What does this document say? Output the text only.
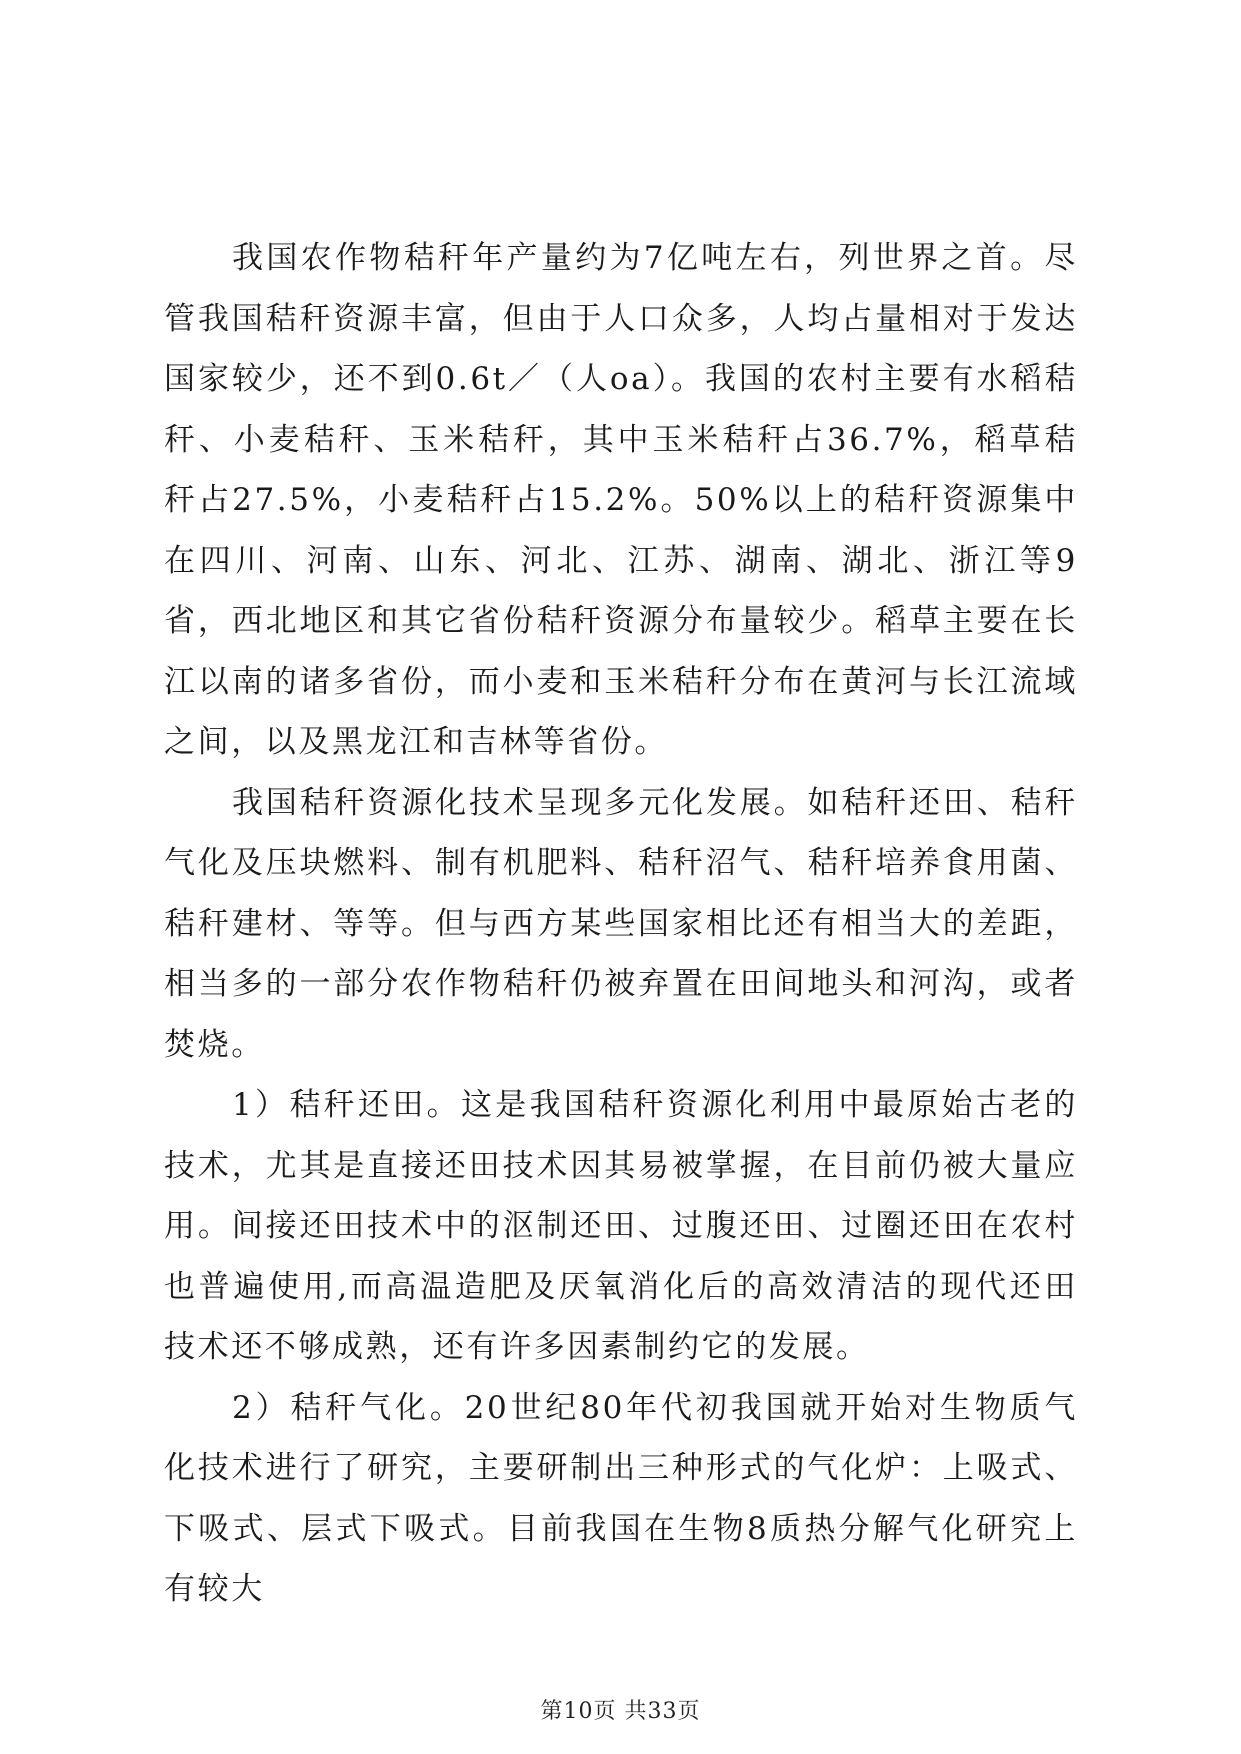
我国农作物秸秆年产量约为7亿吨左右，列世界之首。尽管我国秸秆资源丰富，但由于人口众多，人均占量相对于发达国家较少，还不到0.6t／（人oa）。我国的农村主要有水稻秸秆、小麦秸秆、玉米秸秆，其中玉米秸秆占36.7%，稻草秸秆占27.5%，小麦秸秆占15.2%。50%以上的秸秆资源集中在四川、河南、山东、河北、江苏、湖南、湖北、浙江等9省，西北地区和其它省份秸秆资源分布量较少。稻草主要在长江以南的诸多省份，而小麦和玉米秸秆分布在黄河与长江流域之间，以及黑龙江和吉林等省份。

我国秸秆资源化技术呈现多元化发展。如秸秆还田、秸秆气化及压块燃料、制有机肥料、秸秆沼气、秸秆培养食用菌、秸秆建材、等等。但与西方某些国家相比还有相当大的差距，相当多的一部分农作物秸秆仍被弃置在田间地头和河沟，或者焚烧。

1）秸秆还田。这是我国秸秆资源化利用中最原始古老的技术，尤其是直接还田技术因其易被掌握，在目前仍被大量应用。间接还田技术中的沤制还田、过腹还田、过圈还田在农村也普遍使用,而高温造肥及厌氧消化后的高效清洁的现代还田技术还不够成熟，还有许多因素制约它的发展。

2）秸秆气化。20世纪80年代初我国就开始对生物质气化技术进行了研究，主要研制出三种形式的气化炉：上吸式、下吸式、层式下吸式。目前我国在生物8质热分解气化研究上有较大

第10页 共33页
